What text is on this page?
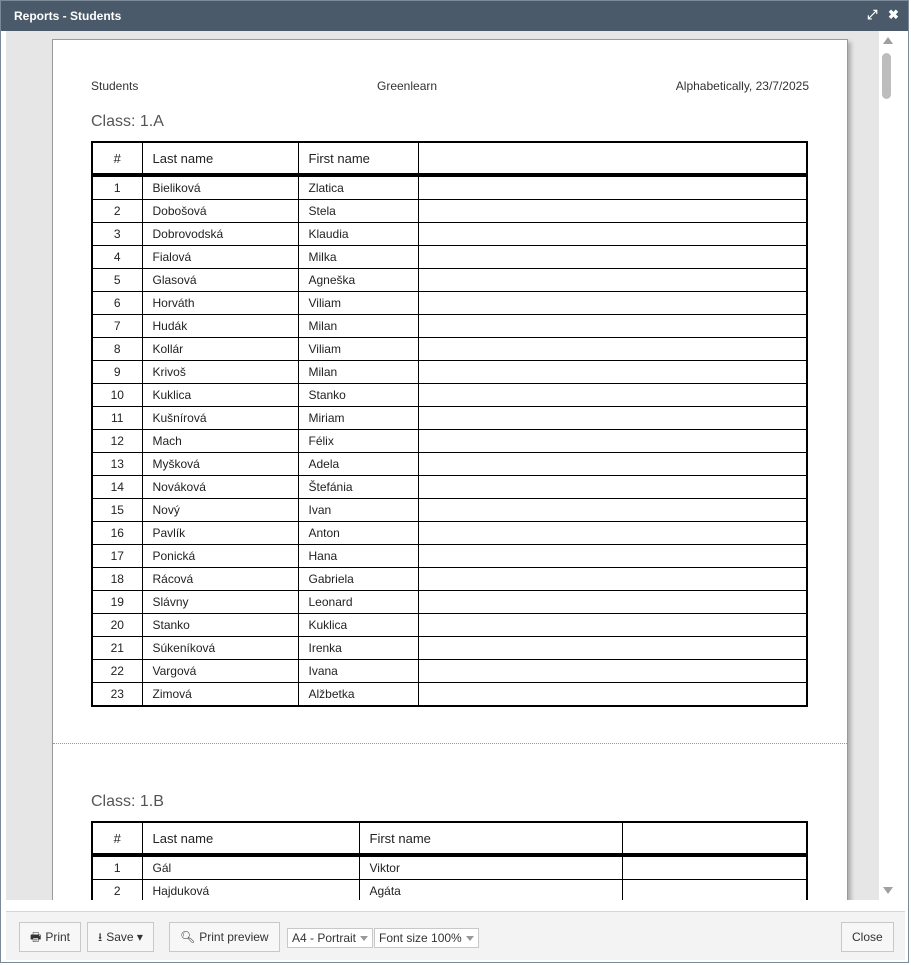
Reports - Students	⤢ ✖
Students	Greenlearn	Alphabetically, 23/7/2025
Class: 1.A
#	Last name	First name	
1	Bieliková	Zlatica	
2	Dobošová	Stela	
3	Dobrovodská	Klaudia	
4	Fialová	Milka	
5	Glasová	Agneška	
6	Horváth	Viliam	
7	Hudák	Milan	
8	Kollár	Viliam	
9	Krivoš	Milan	
10	Kuklica	Stanko	
11	Kušnírová	Miriam	
12	Mach	Félix	
13	Myšková	Adela	
14	Nováková	Štefánia	
15	Nový	Ivan	
16	Pavlík	Anton	
17	Ponická	Hana	
18	Rácová	Gabriela	
19	Slávny	Leonard	
20	Stanko	Kuklica	
21	Súkeníková	Irenka	
22	Vargová	Ivana	
23	Zimová	Alžbetka	
Class: 1.B
#	Last name	First name	
1	Gál	Viktor	
2	Hajduková	Agáta	
🖶 Print	⭳ Save ▾	🔍︎ Print preview	A4 - Portrait	Font size 100%	Close
